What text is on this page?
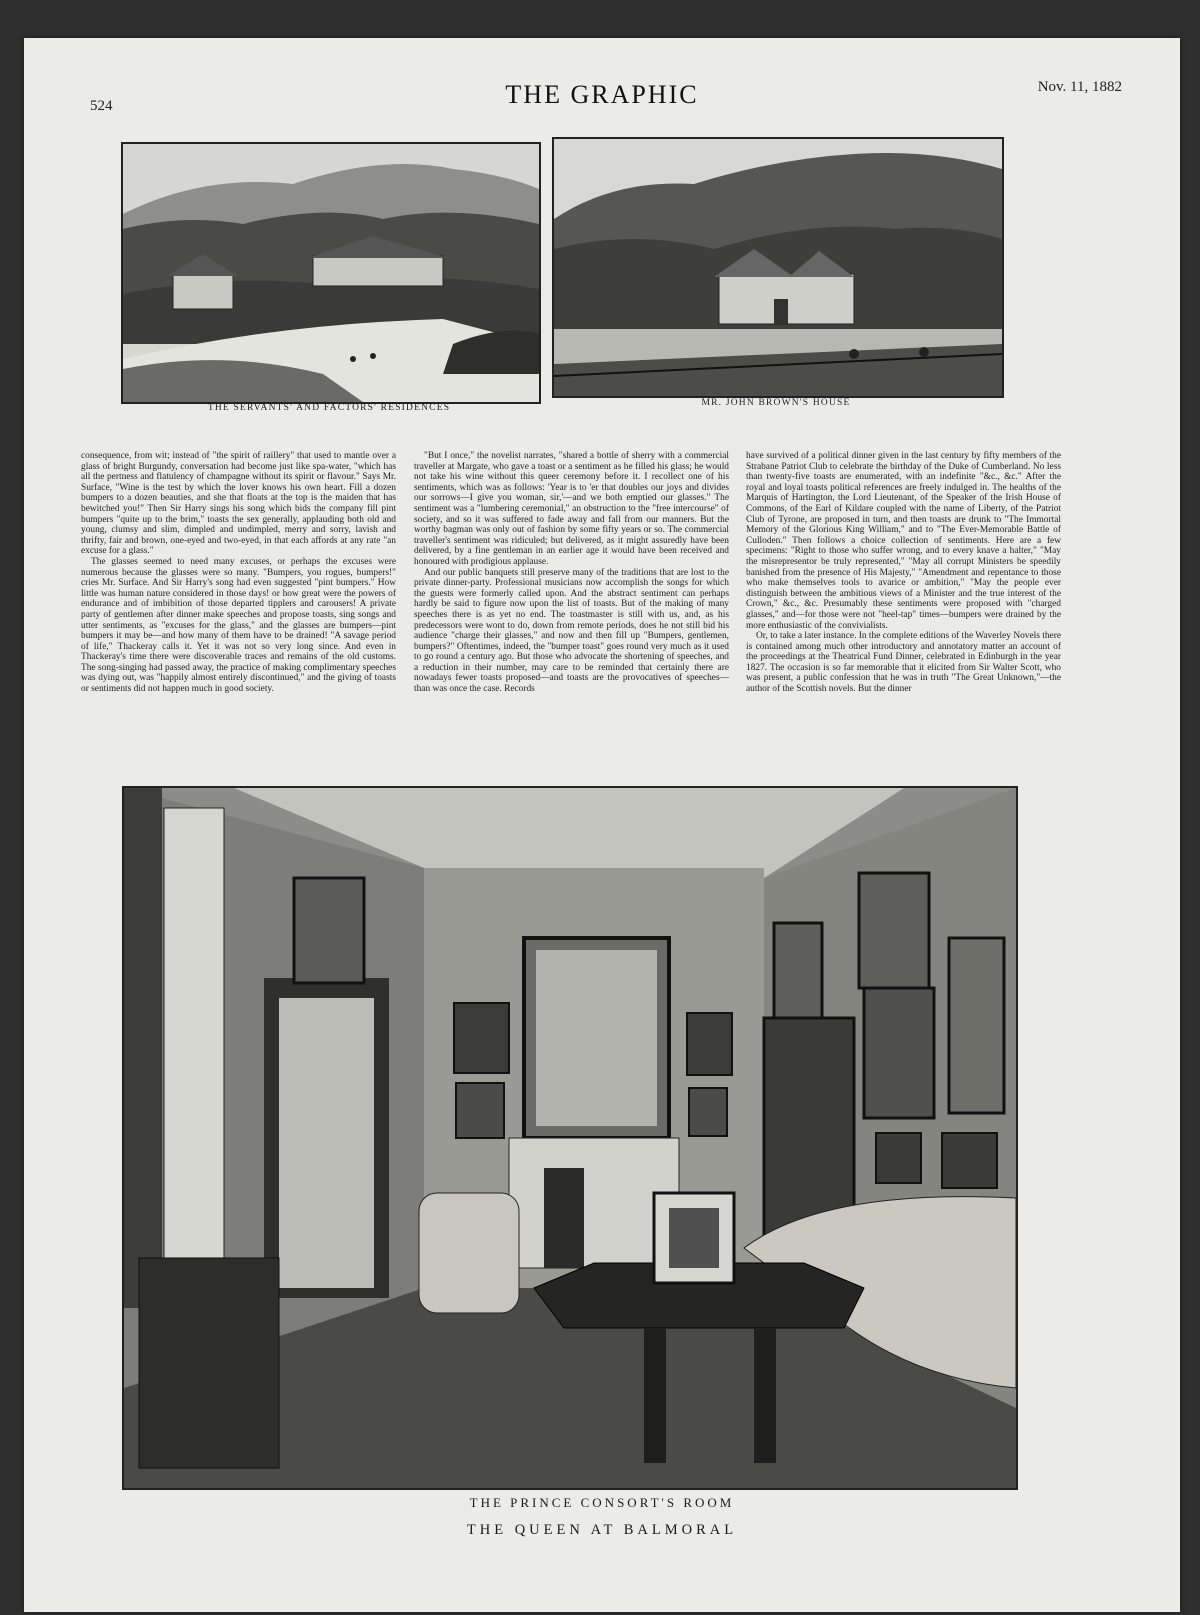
524	THE GRAPHIC	Nov. 11, 1882
THE SERVANTS' AND FACTORS' RESIDENCES	MR. JOHN BROWN'S HOUSE

consequence, from wit; instead of "the spirit of raillery" that used to mantle over a glass of bright Burgundy, conversation had become just like spa-water, "which has all the pertness and flatulency of champagne without its spirit or flavour." Says Mr. Surface, "Wine is the test by which the lover knows his own heart. Fill a dozen bumpers to a dozen beauties, and she that floats at the top is the maiden that has bewitched you!" Then Sir Harry sings his song which bids the company fill pint bumpers "quite up to the brim," toasts the sex generally, applauding both old and young, clumsy and slim, dimpled and undimpled, merry and sorry, lavish and thrifty, fair and brown, one-eyed and two-eyed, in that each affords at any rate "an excuse for a glass."

The glasses seemed to need many excuses, or perhaps the excuses were numerous because the glasses were so many. "Bumpers, you rogues, bumpers!" cries Mr. Surface. And Sir Harry's song had even suggested "pint bumpers." How little was human nature considered in those days! or how great were the powers of endurance and of imbibition of those departed tipplers and carousers! A private party of gentlemen after dinner make speeches and propose toasts, sing songs and utter sentiments, as "excuses for the glass," and the glasses are bumpers—pint bumpers it may be—and how many of them have to be drained! "A savage period of life," Thackeray calls it. Yet it was not so very long since. And even in Thackeray's time there were discoverable traces and remains of the old customs. The song-singing had passed away, the practice of making complimentary speeches was dying out, was "happily almost entirely discontinued," and the giving of toasts or sentiments did not happen much in good society.

"But I once," the novelist narrates, "shared a bottle of sherry with a commercial traveller at Margate, who gave a toast or a sentiment as he filled his glass; he would not take his wine without this queer ceremony before it. I recollect one of his sentiments, which was as follows: 'Year is to 'er that doubles our joys and divides our sorrows—I give you woman, sir,'—and we both emptied our glasses." The sentiment was a "lumbering ceremonial," an obstruction to the "free intercourse" of society, and so it was suffered to fade away and fall from our manners. But the worthy bagman was only out of fashion by some fifty years or so. The commercial traveller's sentiment was ridiculed; but delivered, as it might assuredly have been delivered, by a fine gentleman in an earlier age it would have been received and honoured with prodigious applause.

And our public banquets still preserve many of the traditions that are lost to the private dinner-party. Professional musicians now accomplish the songs for which the guests were formerly called upon. And the abstract sentiment can perhaps hardly be said to figure now upon the list of toasts. But of the making of many speeches there is as yet no end. The toastmaster is still with us, and, as his predecessors were wont to do, down from remote periods, does he not still bid his audience "charge their glasses," and now and then fill up "Bumpers, gentlemen, bumpers?" Oftentimes, indeed, the "bumper toast" goes round very much as it used to go round a century ago. But those who advocate the shortening of speeches, and a reduction in their number, may care to be reminded that certainly there are nowadays fewer toasts proposed—and toasts are the provocatives of speeches—than was once the case. Records

have survived of a political dinner given in the last century by fifty members of the Strabane Patriot Club to celebrate the birthday of the Duke of Cumberland. No less than twenty-five toasts are enumerated, with an indefinite "&c., &c." After the royal and loyal toasts political references are freely indulged in. The healths of the Marquis of Hartington, the Lord Lieutenant, of the Speaker of the Irish House of Commons, of the Earl of Kildare coupled with the name of Liberty, of the Patriot Club of Tyrone, are proposed in turn, and then toasts are drunk to "The Immortal Memory of the Glorious King William," and to "The Ever-Memorable Battle of Culloden." Then follows a choice collection of sentiments. Here are a few specimens: "Right to those who suffer wrong, and to every knave a halter," "May the misrepresentor be truly represented," "May all corrupt Ministers be speedily banished from the presence of His Majesty," "Amendment and repentance to those who make themselves tools to avarice or ambition," "May the people ever distinguish between the ambitious views of a Minister and the true interest of the Crown," &c., &c. Presumably these sentiments were proposed with "charged glasses," and—for those were not "heel-tap" times—bumpers were drained by the more enthusiastic of the convivialists.

Or, to take a later instance. In the complete editions of the Waverley Novels there is contained among much other introductory and annotatory matter an account of the proceedings at the Theatrical Fund Dinner, celebrated in Edinburgh in the year 1827. The occasion is so far memorable that it elicited from Sir Walter Scott, who was present, a public confession that he was in truth "The Great Unknown,"—the author of the Scottish novels. But the dinner

THE PRINCE CONSORT'S ROOM
THE QUEEN AT BALMORAL
